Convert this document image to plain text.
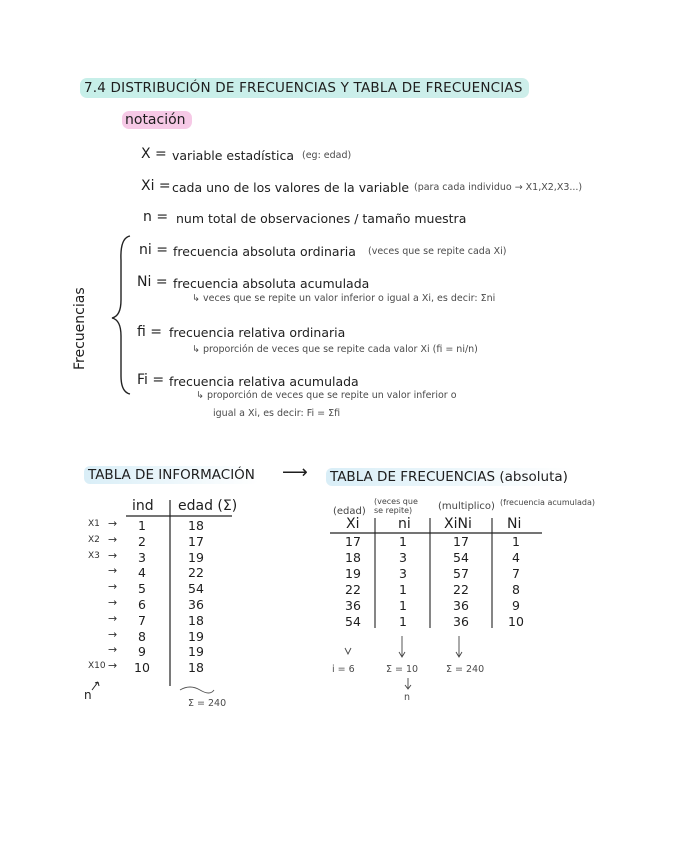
7.4 DISTRIBUCIÓN DE FRECUENCIAS Y TABLA DE FRECUENCIAS
notación
X = variable estadística (eg: edad)
Xi = cada uno de los valores de la variable (para cada individuo → X1,X2,X3...)
n = num total de observaciones / tamaño muestra
Frecuencias
ni = frecuencia absoluta ordinaria (veces que se repite cada Xi)
Ni = frecuencia absoluta acumulada
↳ veces que se repite un valor inferior o igual a Xi, es decir: Σni
fi = frecuencia relativa ordinaria
↳ proporción de veces que se repite cada valor Xi (fi = ni/n)
Fi = frecuencia relativa acumulada
↳ proporción de veces que se repite un valor inferior o
igual a Xi, es decir: Fi = Σfi
TABLA DE INFORMACIÓN ⟶ TABLA DE FRECUENCIAS (absoluta)
ind edad (Σ)
X1 →	1	18
X2 →	2	17
X3 →	3	19
→	4	22
→	5	54
→	6	36
→	7	18
→	8	19
→	9	19
X10 →	10	18
n
Σ = 240
(edad)
(veces que se repite)	(multiplico) (frecuencia acumulada)
Xi	ni XiNi	Ni
17	1	17	1
18	3	54	4
19	3	57	7
22	1	22	8
36	1	36	9
54	1	36	10
i = 6	Σ = 10	Σ = 240
n
